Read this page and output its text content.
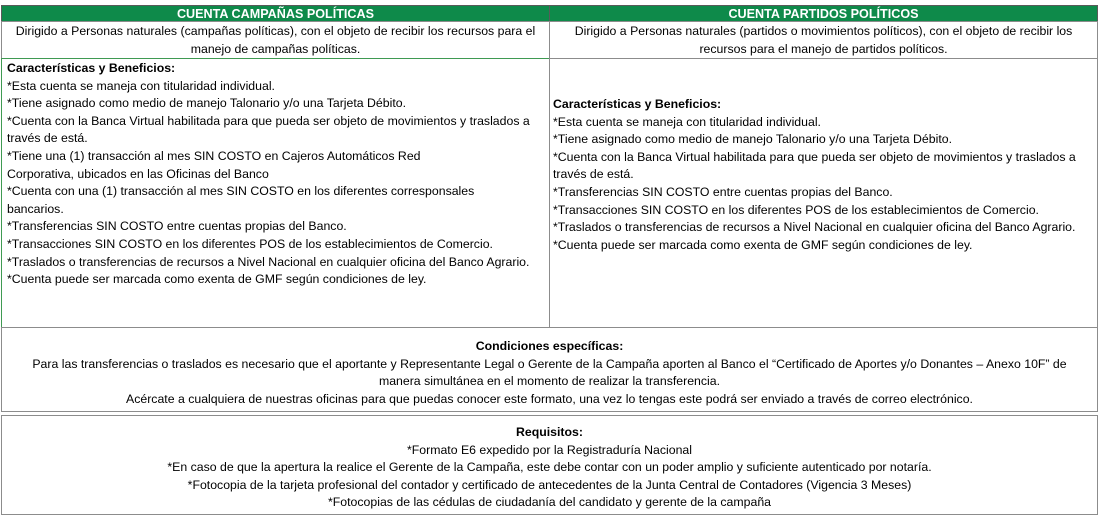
CUENTA CAMPAÑAS POLÍTICAS	CUENTA PARTIDOS POLÍTICOS
Dirigido a Personas naturales (campañas políticas), con el objeto de recibir los recursos para el manejo de campañas políticas.
Dirigido a Personas naturales (partidos o movimientos políticos), con el objeto de recibir los recursos para el manejo de partidos políticos.
Características y Beneficios:
*Esta cuenta se maneja con titularidad individual.
*Tiene asignado como medio de manejo Talonario y/o una Tarjeta Débito.
*Cuenta con la Banca Virtual habilitada para que pueda ser objeto de movimientos y traslados a través de está.
*Tiene una (1) transacción al mes SIN COSTO en Cajeros Automáticos Red Corporativa, ubicados en las Oficinas del Banco
*Cuenta con una (1) transacción al mes SIN COSTO en los diferentes corresponsales bancarios.
*Transferencias SIN COSTO entre cuentas propias del Banco.
*Transacciones SIN COSTO en los diferentes POS de los establecimientos de Comercio.
*Traslados o transferencias de recursos a Nivel Nacional en cualquier oficina del Banco Agrario.
*Cuenta puede ser marcada como exenta de GMF según condiciones de ley.
Características y Beneficios:
*Esta cuenta se maneja con titularidad individual.
*Tiene asignado como medio de manejo Talonario y/o una Tarjeta Débito.
*Cuenta con la Banca Virtual habilitada para que pueda ser objeto de movimientos y traslados a través de está.
*Transferencias SIN COSTO entre cuentas propias del Banco.
*Transacciones SIN COSTO en los diferentes POS de los establecimientos de Comercio.
*Traslados o transferencias de recursos a Nivel Nacional en cualquier oficina del Banco Agrario.
*Cuenta puede ser marcada como exenta de GMF según condiciones de ley.
Condiciones específicas:
Para las transferencias o traslados es necesario que el aportante y Representante Legal o Gerente de la Campaña aporten al Banco el “Certificado de Aportes y/o Donantes – Anexo 10F” de manera simultánea en el momento de realizar la transferencia.
Acércate a cualquiera de nuestras oficinas para que puedas conocer este formato, una vez lo tengas este podrá ser enviado a través de correo electrónico.
Requisitos:
*Formato E6 expedido por la Registraduría Nacional
*En caso de que la apertura la realice el Gerente de la Campaña, este debe contar con un poder amplio y suficiente autenticado por notaría.
*Fotocopia de la tarjeta profesional del contador y certificado de antecedentes de la Junta Central de Contadores (Vigencia 3 Meses)
*Fotocopias de las cédulas de ciudadanía del candidato y gerente de la campaña
